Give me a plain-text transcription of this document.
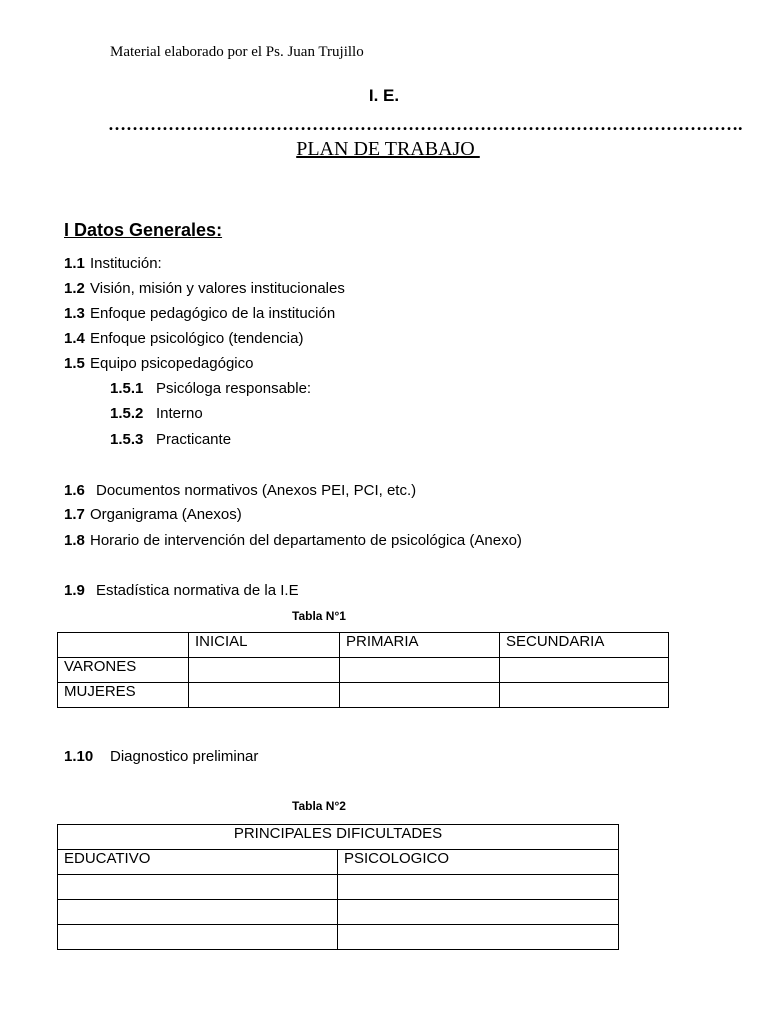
Material elaborado por el Ps. Juan Trujillo
I. E.
…………………………………………………………………………………………….
PLAN DE TRABAJO
I Datos Generales:
1.1 Institución:
1.2 Visión, misión y valores institucionales
1.3 Enfoque pedagógico de la institución
1.4 Enfoque psicológico (tendencia)
1.5 Equipo psicopedagógico
1.5.1 Psicóloga responsable:
1.5.2 Interno
1.5.3 Practicante
1.6 Documentos normativos (Anexos PEI, PCI, etc.)
1.7 Organigrama (Anexos)
1.8 Horario de intervención del departamento de psicológica (Anexo)
1.9 Estadística normativa de la I.E
Tabla N°1
	INICIAL	PRIMARIA	SECUNDARIA
VARONES			
MUJERES			
1.10 Diagnostico preliminar
Tabla N°2
PRINCIPALES DIFICULTADES	
EDUCATIVO	PSICOLOGICO
